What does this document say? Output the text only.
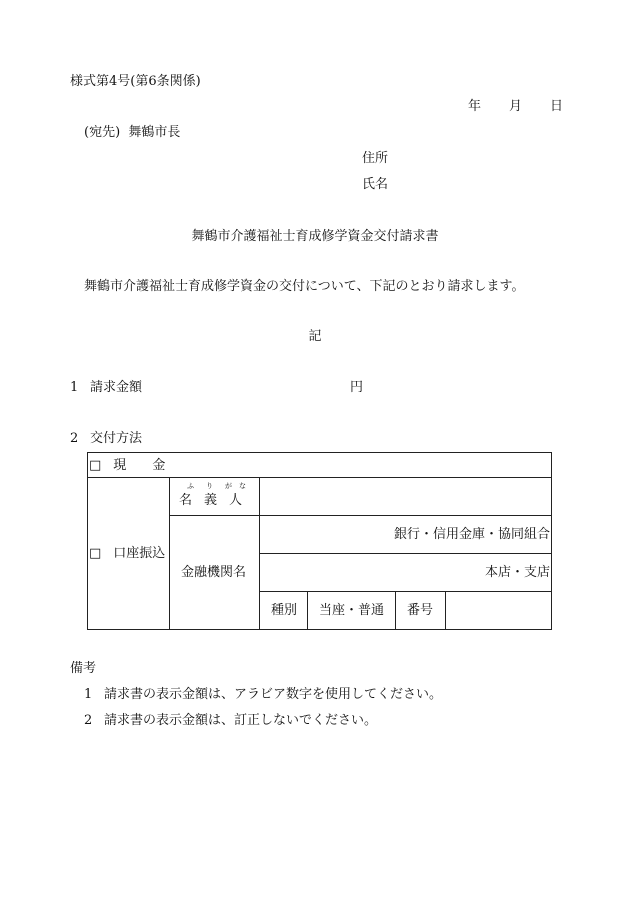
様式第4号(第6条関係)
年 月 日
(宛先) 舞鶴市長
住所
氏名
舞鶴市介護福祉士育成修学資金交付請求書
舞鶴市介護福祉士育成修学資金の交付について、下記のとおり請求します。
記
1 請求金額	円
2 交付方法
□ 現 金
□ 口座振込
ふ り が な
名 義 人
金融機関名
銀行・信用金庫・協同組合
本店・支店
種別 当座・普通 番号
備考
1 請求書の表示金額は、アラビア数字を使用してください。
2 請求書の表示金額は、訂正しないでください。
